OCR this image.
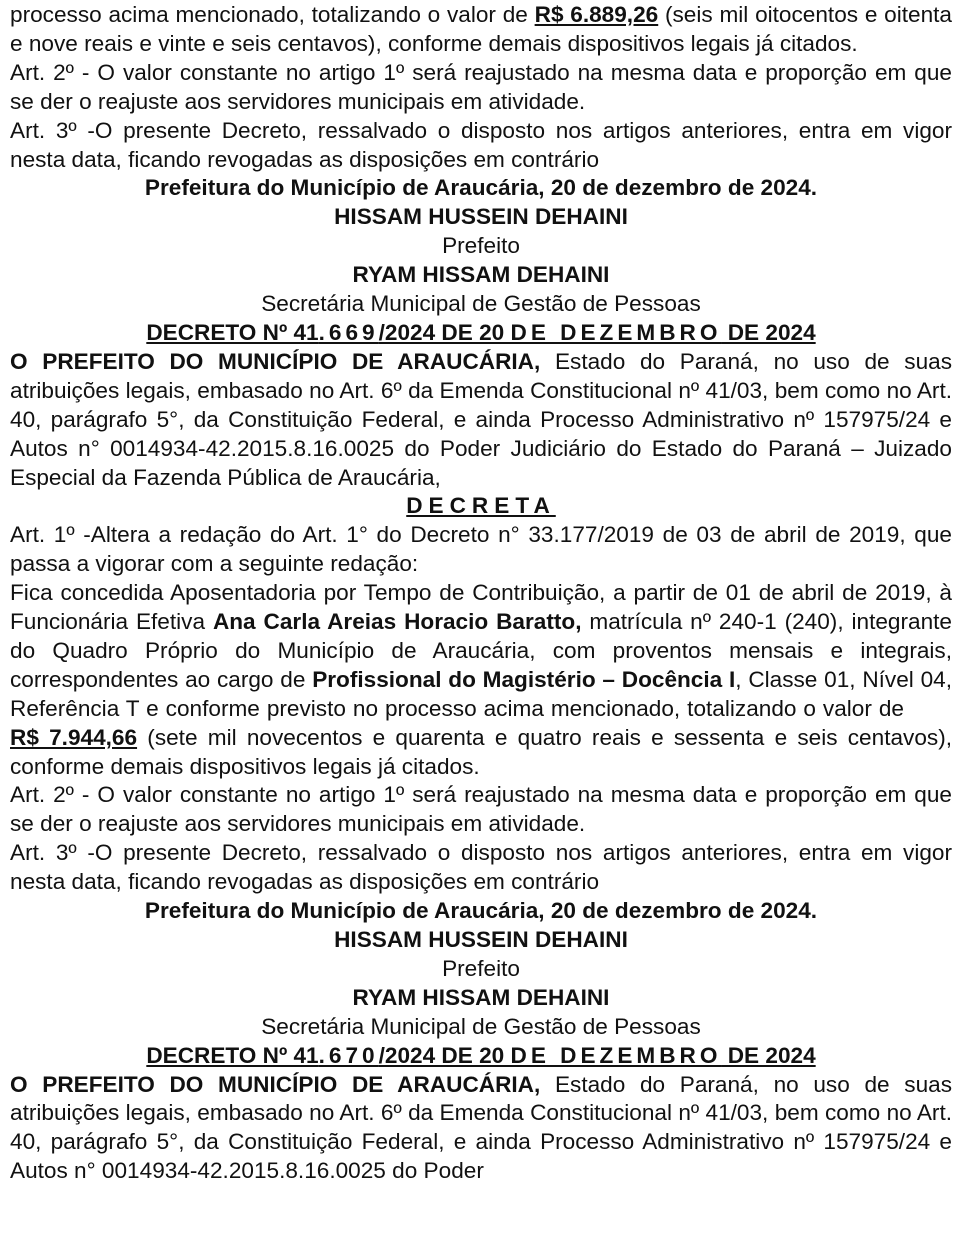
processo acima mencionado, totalizando o valor de R$ 6.889,26 (seis mil oitocentos e oitenta e nove reais e vinte e seis centavos), conforme demais dispositivos legais já citados.

Art. 2º - O valor constante no artigo 1º será reajustado na mesma data e proporção em que se der o reajuste aos servidores municipais em atividade.

Art. 3º -O presente Decreto, ressalvado o disposto nos artigos anteriores, entra em vigor nesta data, ficando revogadas as disposições em contrário

Prefeitura do Município de Araucária, 20 de dezembro de 2024.

HISSAM HUSSEIN DEHAINI

Prefeito

RYAM HISSAM DEHAINI

Secretária Municipal de Gestão de Pessoas

DECRETO Nº 41.669/2024 DE 20 DE DEZEMBRO DE 2024

O PREFEITO DO MUNICÍPIO DE ARAUCÁRIA, Estado do Paraná, no uso de suas atribuições legais, embasado no Art. 6º da Emenda Constitucional nº 41/03, bem como no Art. 40, parágrafo 5°, da Constituição Federal, e ainda Processo Administrativo nº 157975/24 e Autos n° 0014934-42.2015.8.16.0025 do Poder Judiciário do Estado do Paraná – Juizado Especial da Fazenda Pública de Araucária,

DECRETA

Art. 1º -Altera a redação do Art. 1° do Decreto n° 33.177/2019 de 03 de abril de 2019, que passa a vigorar com a seguinte redação:

Fica concedida Aposentadoria por Tempo de Contribuição, a partir de 01 de abril de 2019, à Funcionária Efetiva Ana Carla Areias Horacio Baratto, matrícula nº 240-1 (240), integrante do Quadro Próprio do Município de Araucária, com proventos mensais e integrais, correspondentes ao cargo de Profissional do Magistério – Docência I, Classe 01, Nível 04, Referência T e conforme previsto no processo acima mencionado, totalizando o valor deR$ 7.944,66 (sete mil novecentos e quarenta e quatro reais e sessenta e seis centavos), conforme demais dispositivos legais já citados.

Art. 2º - O valor constante no artigo 1º será reajustado na mesma data e proporção em que se der o reajuste aos servidores municipais em atividade.

Art. 3º -O presente Decreto, ressalvado o disposto nos artigos anteriores, entra em vigor nesta data, ficando revogadas as disposições em contrário

Prefeitura do Município de Araucária, 20 de dezembro de 2024.

HISSAM HUSSEIN DEHAINI

Prefeito

RYAM HISSAM DEHAINI

Secretária Municipal de Gestão de Pessoas

DECRETO Nº 41.670/2024 DE 20 DE DEZEMBRO DE 2024

O PREFEITO DO MUNICÍPIO DE ARAUCÁRIA, Estado do Paraná, no uso de suas atribuições legais, embasado no Art. 6º da Emenda Constitucional nº 41/03, bem como no Art. 40, parágrafo 5°, da Constituição Federal, e ainda Processo Administrativo nº 157975/24 e Autos n° 0014934-42.2015.8.16.0025 do Poder
